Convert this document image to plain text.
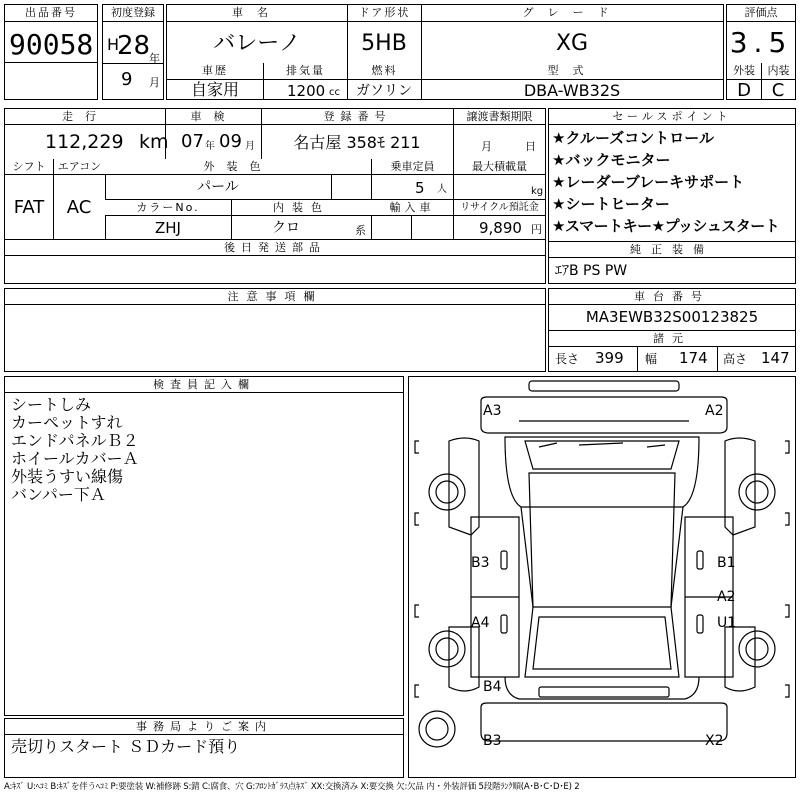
出品番号
90058
初度登録
H
28
年
9 月
車名	ドア形状	グレード
バレーノ	5HB	XG
車歴	排気量	燃料	型式
自家用	1200 cc	ガソリン	DBA-WB32S
評価点
3.5
外装	内装
D	C
走行	車検	登録番号	譲渡書類期限
112,229 km 07 年 09 月	名古屋 358ﾓ 211	月	日
シフト	エアコン
FAT	AC
外装色	乗車定員	最大積載量
パール	5 人	kg
カラーNo.	内装色	輸入車	リサイクル預託金
ZHJ	クロ	系	9,890 円
後日発送部品
セールスポイント
★クルーズコントロール
★バックモニター
★レーダーブレーキサポート
★シートヒーター
★スマートキー★プッシュスタート
純正装備
ｴｱB PS PW
注意事項欄	車台番号
MA3EWB32S00123825
諸元
長さ 399 幅 174 高さ 147
検査員記入欄
シートしみ
カーペットすれ
エンドパネルＢ２
ホイールカバーＡ
外装うすい線傷
バンパー下Ａ
事務局よりご案内
売切りスタート ＳＤカード預り
A3	A2
B3	B1
A2
A4	U1
B4
B3	X2
A:ｷｽﾞ U:ﾍｺﾐ B:ｷｽﾞを伴うﾍｺﾐ P:要塗装 W:補修跡 S:錆 C:腐食、穴 G:ﾌﾛﾝﾄｶﾞﾗｽ点ｷｽﾞ XX:交換済み X:要交換 欠:欠品 内・外装評価 5段階ﾗﾝｸ順(A･B･C･D･E) 2
